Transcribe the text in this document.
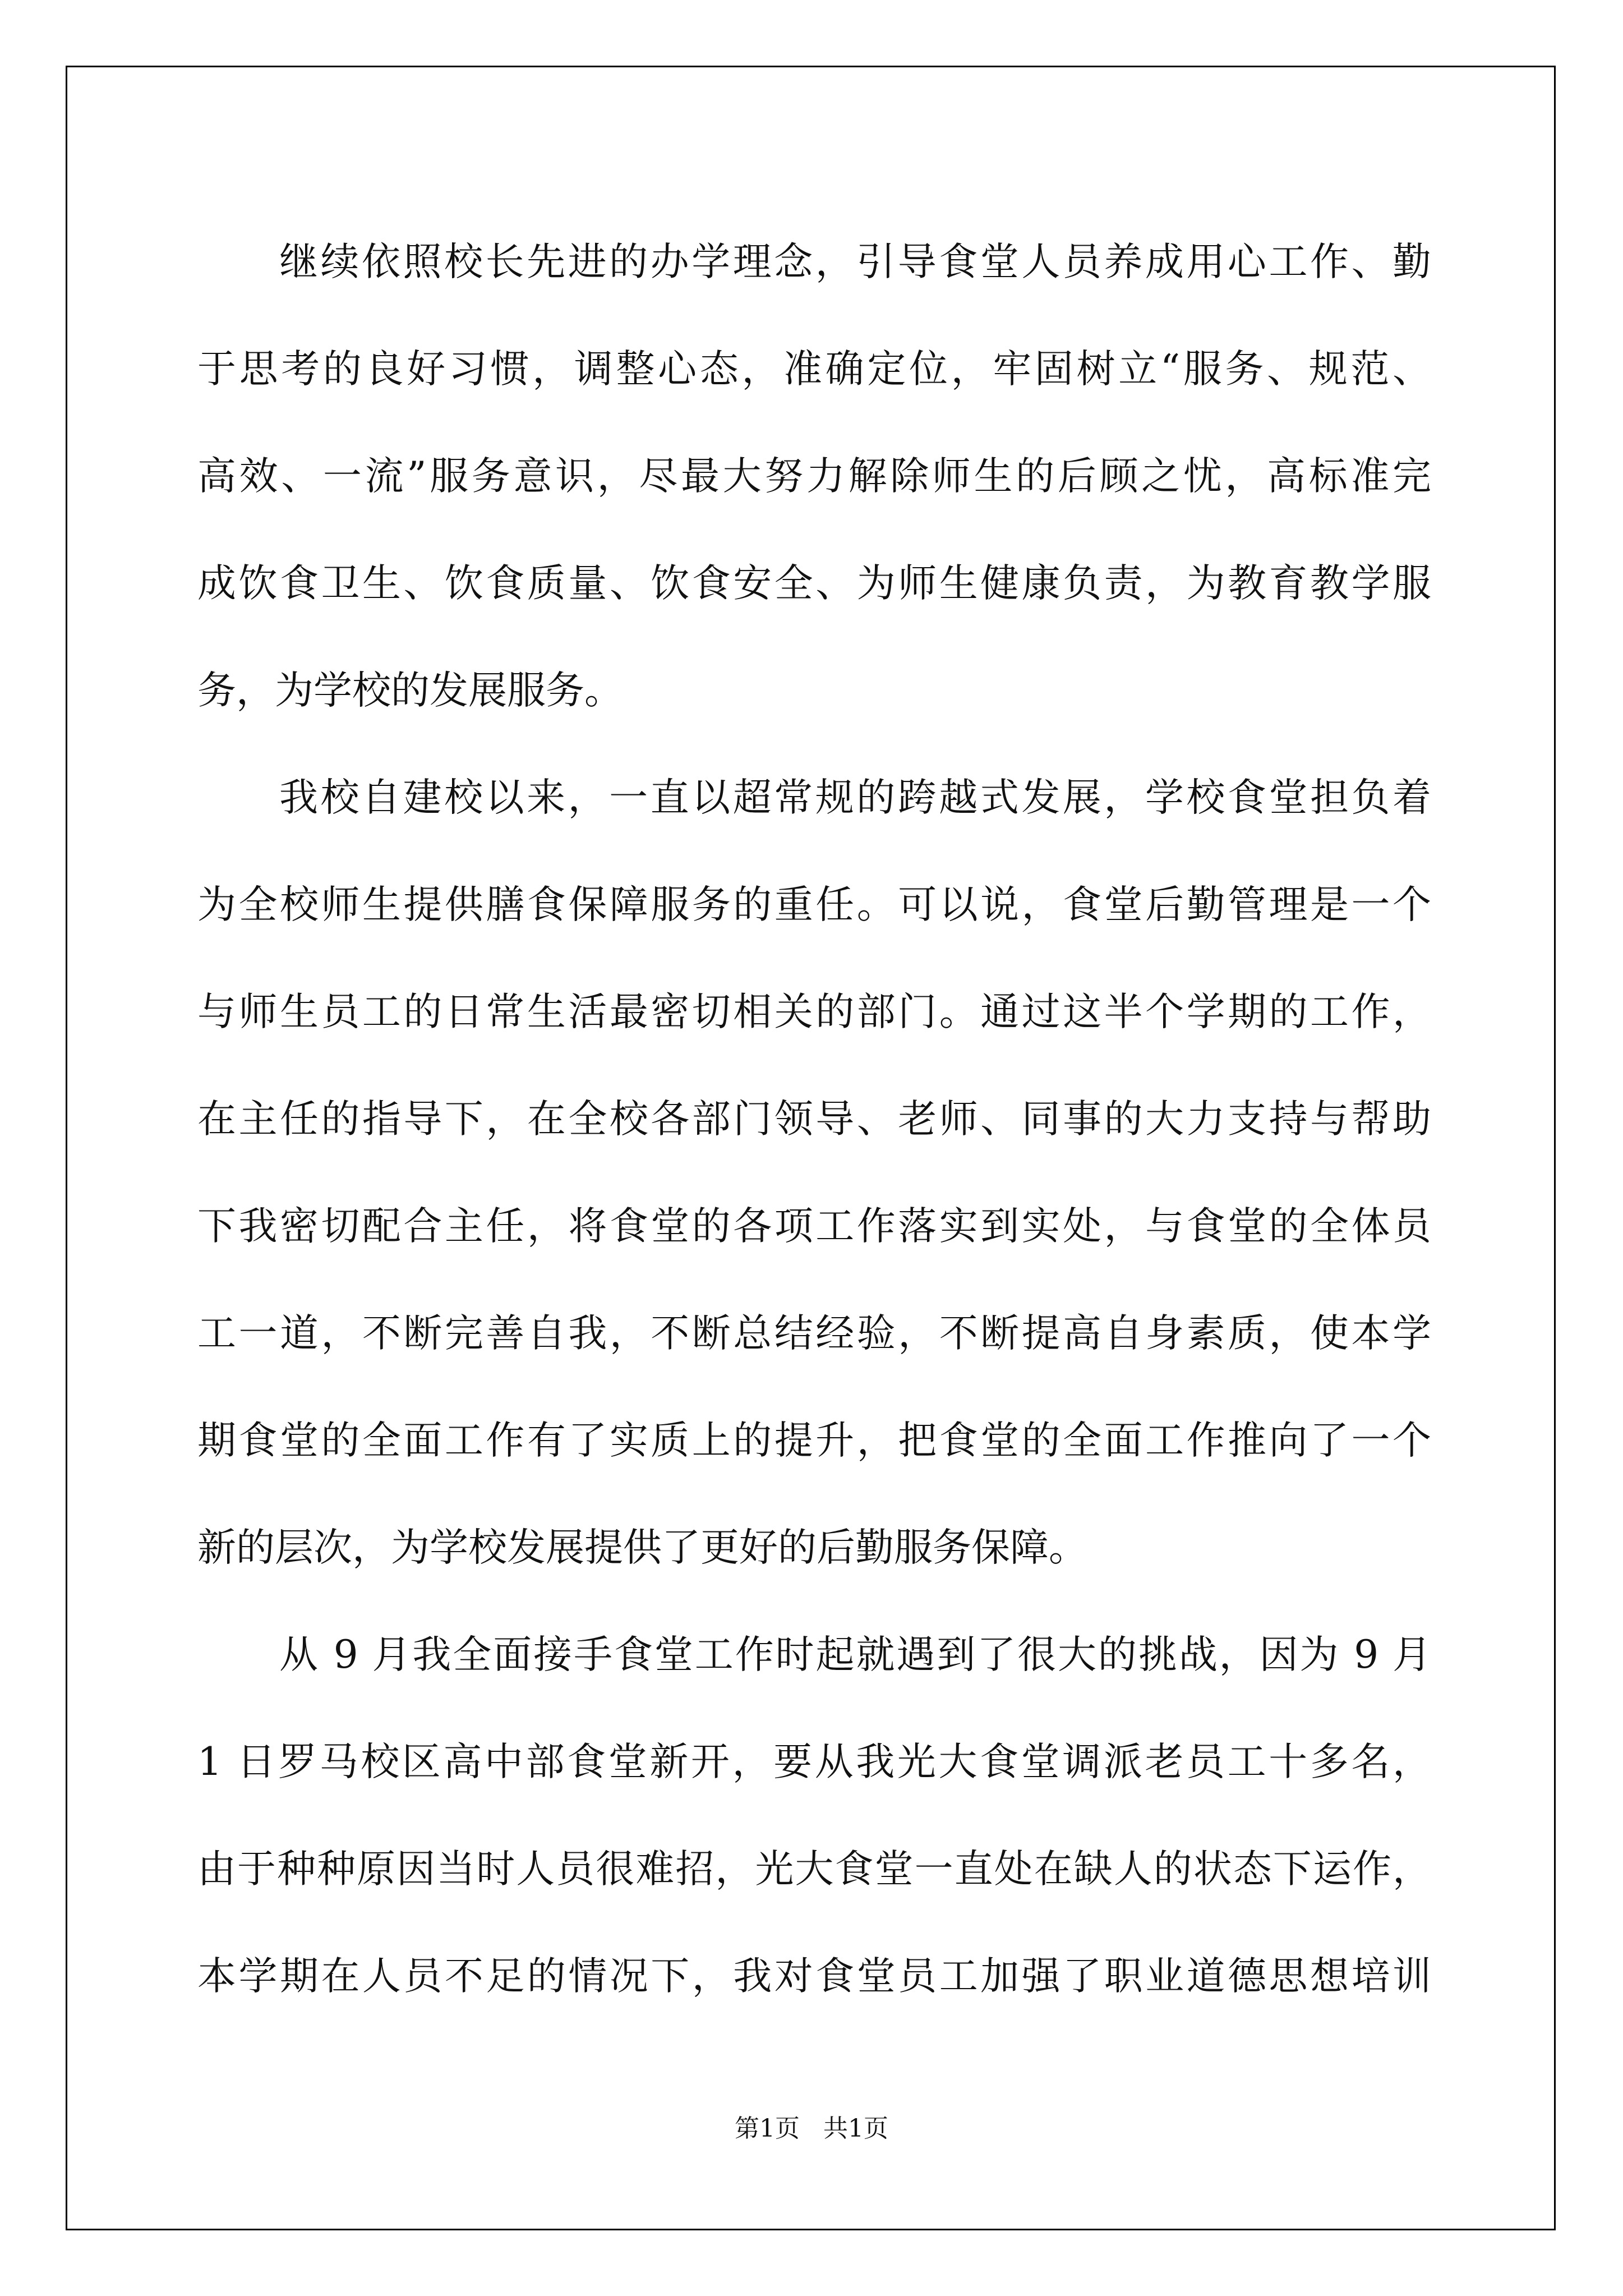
继续依照校长先进的办学理念，引导食堂人员养成用心工作、勤
于思考的良好习惯，调整心态，准确定位，牢固树立“服务、规范、
高效、一流”服务意识，尽最大努力解除师生的后顾之忧，高标准完
成饮食卫生、饮食质量、饮食安全、为师生健康负责，为教育教学服
务，为学校的发展服务。
我校自建校以来，一直以超常规的跨越式发展，学校食堂担负着
为全校师生提供膳食保障服务的重任。可以说，食堂后勤管理是一个
与师生员工的日常生活最密切相关的部门。通过这半个学期的工作，
在主任的指导下，在全校各部门领导、老师、同事的大力支持与帮助
下我密切配合主任，将食堂的各项工作落实到实处，与食堂的全体员
工一道，不断完善自我，不断总结经验，不断提高自身素质，使本学
期食堂的全面工作有了实质上的提升，把食堂的全面工作推向了一个
新的层次，为学校发展提供了更好的后勤服务保障。
从 9 月我全面接手食堂工作时起就遇到了很大的挑战，因为 9 月
1 日罗马校区高中部食堂新开，要从我光大食堂调派老员工十多名，
由于种种原因当时人员很难招，光大食堂一直处在缺人的状态下运作，
本学期在人员不足的情况下，我对食堂员工加强了职业道德思想培训
第1页   共1页
